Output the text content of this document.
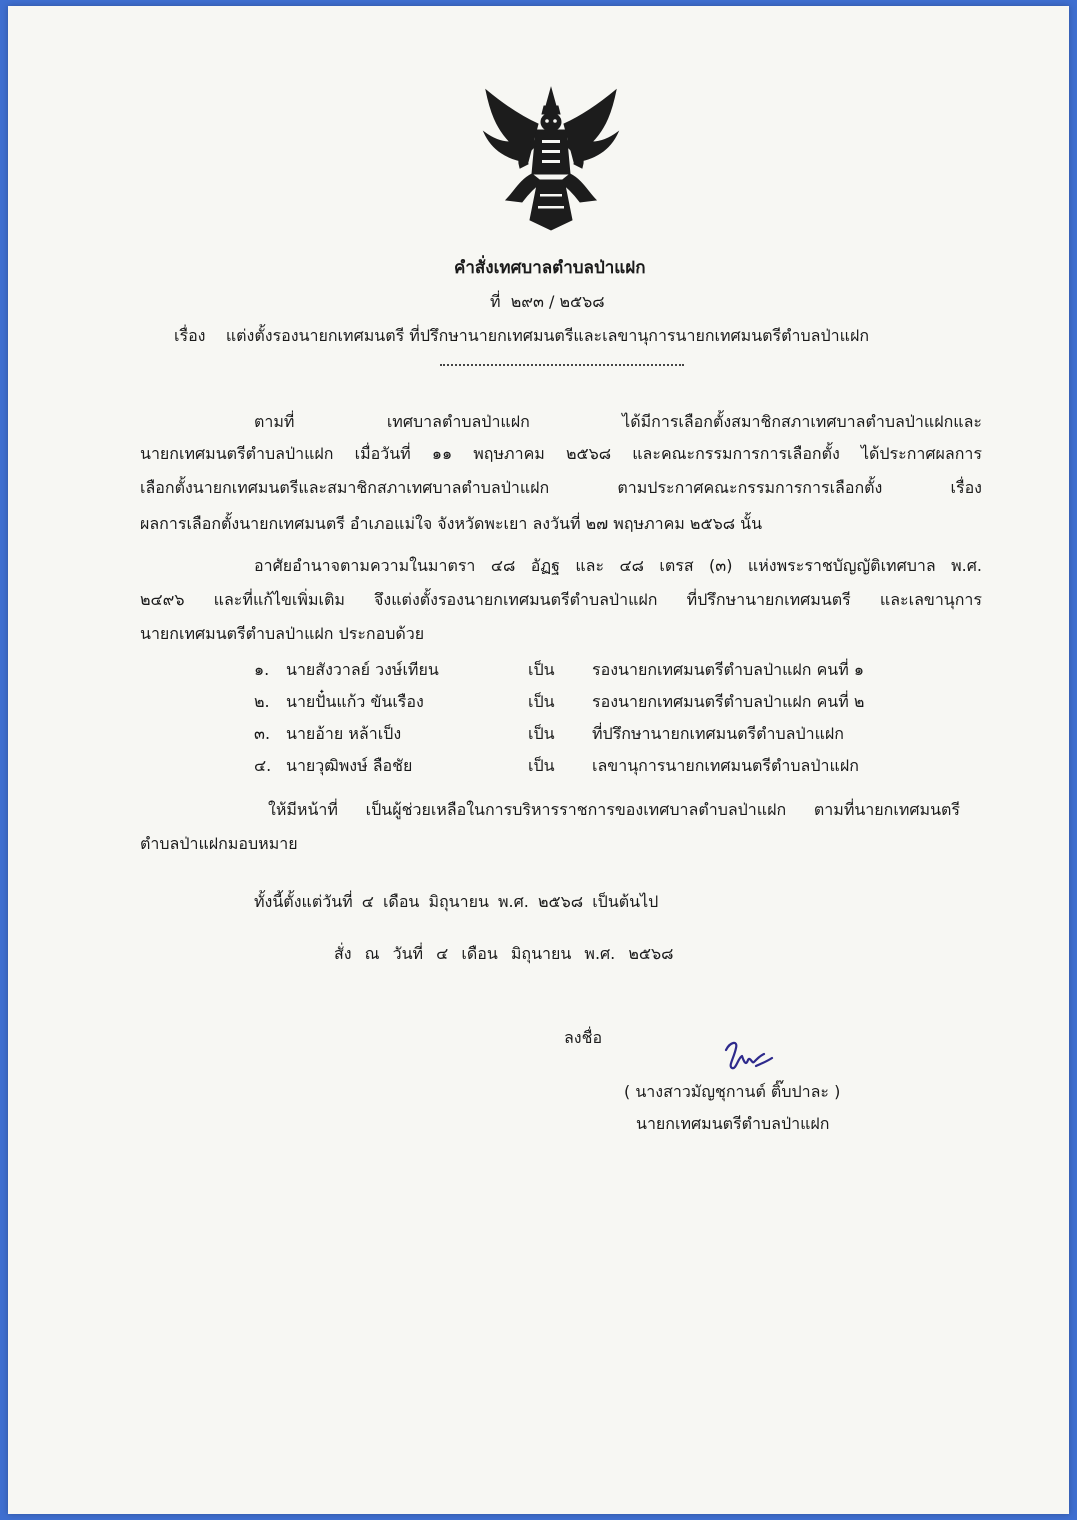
คำสั่งเทศบาลตำบลป่าแฝก
ที่ ๒๙๓ / ๒๕๖๘
เรื่อง แต่งตั้งรองนายกเทศมนตรี ที่ปรึกษานายกเทศมนตรีและเลขานุการนายกเทศมนตรีตำบลป่าแฝก
ตามที่ เทศบาลตำบลป่าแฝก ได้มีการเลือกตั้งสมาชิกสภาเทศบาลตำบลป่าแฝกและ
นายกเทศมนตรีตำบลป่าแฝก เมื่อวันที่ ๑๑ พฤษภาคม ๒๕๖๘ และคณะกรรมการการเลือกตั้ง ได้ประกาศผลการ
เลือกตั้งนายกเทศมนตรีและสมาชิกสภาเทศบาลตำบลป่าแฝก ตามประกาศคณะกรรมการการเลือกตั้ง เรื่อง
ผลการเลือกตั้งนายกเทศมนตรี อำเภอแม่ใจ จังหวัดพะเยา ลงวันที่ ๒๗ พฤษภาคม ๒๕๖๘ นั้น
อาศัยอำนาจตามความในมาตรา ๔๘ อัฏฐ และ ๔๘ เตรส (๓) แห่งพระราชบัญญัติเทศบาล พ.ศ.
๒๔๙๖ และที่แก้ไขเพิ่มเติม จึงแต่งตั้งรองนายกเทศมนตรีตำบลป่าแฝก ที่ปรึกษานายกเทศมนตรี และเลขานุการ
นายกเทศมนตรีตำบลป่าแฝก ประกอบด้วย
๑. นายสังวาลย์ วงษ์เทียน	เป็น รองนายกเทศมนตรีตำบลป่าแฝก คนที่ ๑
๒. นายปั๋นแก้ว ขันเรือง	เป็น รองนายกเทศมนตรีตำบลป่าแฝก คนที่ ๒
๓. นายอ้าย หล้าเป็ง	เป็น ที่ปรึกษานายกเทศมนตรีตำบลป่าแฝก
๔. นายวุฒิพงษ์ ลือชัย	เป็น เลขานุการนายกเทศมนตรีตำบลป่าแฝก
ให้มีหน้าที่ เป็นผู้ช่วยเหลือในการบริหารราชการของเทศบาลตำบลป่าแฝก ตามที่นายกเทศมนตรี
ตำบลป่าแฝกมอบหมาย
ทั้งนี้ตั้งแต่วันที่ ๔ เดือน มิถุนายน พ.ศ. ๒๕๖๘ เป็นต้นไป
สั่ง ณ วันที่ ๔ เดือน มิถุนายน พ.ศ. ๒๕๖๘
ลงชื่อ
( นางสาวมัญชุกานต์ ติ๊บปาละ )
นายกเทศมนตรีตำบลป่าแฝก
